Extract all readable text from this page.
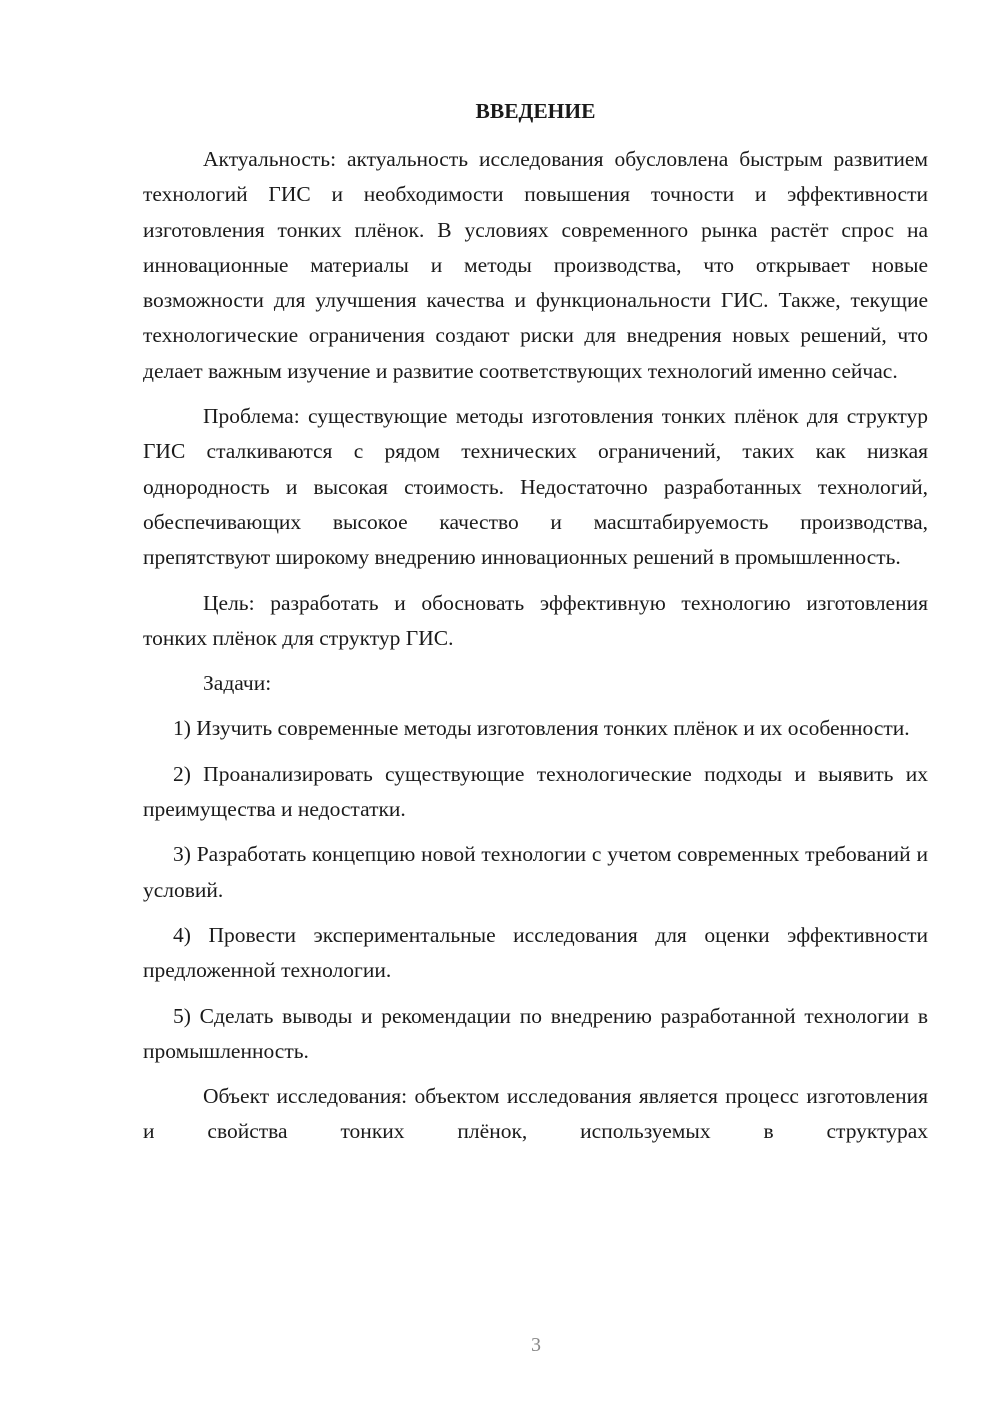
ВВЕДЕНИЕ

Актуальность: актуальность исследования обусловлена быстрым развитием технологий ГИС и необходимости повышения точности и эффективности изготовления тонких плёнок. В условиях современного рынка растёт спрос на инновационные материалы и методы производства, что открывает новые возможности для улучшения качества и функциональности ГИС. Также, текущие технологические ограничения создают риски для внедрения новых решений, что делает важным изучение и развитие соответствующих технологий именно сейчас.

Проблема: существующие методы изготовления тонких плёнок для структур ГИС сталкиваются с рядом технических ограничений, таких как низкая однородность и высокая стоимость. Недостаточно разработанных технологий, обеспечивающих высокое качество и масштабируемость производства, препятствуют широкому внедрению инновационных решений в промышленность.

Цель: разработать и обосновать эффективную технологию изготовления тонких плёнок для структур ГИС.

Задачи:

1) Изучить современные методы изготовления тонких плёнок и их особенности.

2) Проанализировать существующие технологические подходы и выявить их преимущества и недостатки.

3) Разработать концепцию новой технологии с учетом современных требований и условий.

4) Провести экспериментальные исследования для оценки эффективности предложенной технологии.

5) Сделать выводы и рекомендации по внедрению разработанной технологии в промышленность.

Объект исследования: объектом исследования является процесс изготовления и свойства тонких плёнок, используемых в структурах

3
